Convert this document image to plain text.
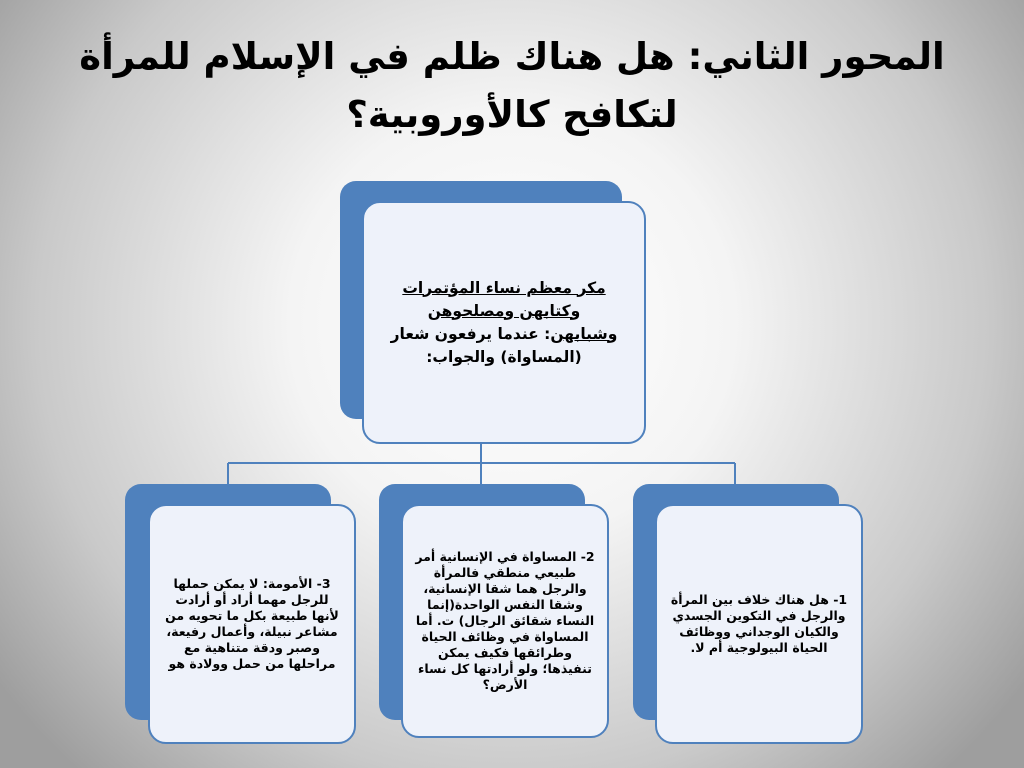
المحور الثاني: هل هناك ظلم في الإسلام للمرأة
لتكافح كالأوروبية؟
مكر معظم نساء المؤتمرات
وكتابهن ومصلحوهن
وشبابهن: عندما يرفعون شعار
(المساواة) والجواب:
3- الأمومة: لا يمكن حملها للرجل مهما أراد أو أرادت لأنها طبيعة بكل ما تحويه من مشاعر نبيلة، وأعمال رفيعة، وصبر ودقة متناهية مع مراحلها من حمل وولادة هو
2- المساواة في الإنسانية أمر طبيعي منطقي فالمرأة والرجل هما شقا الإنسانية، وشقا النفس الواحدة(إنما النساء شقائق الرجال) ت. أما المساواة في وظائف الحياة وطرائقها فكيف يمكن تنفيذها؛ ولو أرادتها كل نساء الأرض؟
1- هل هناك خلاف بين المرأة والرجل في التكوين الجسدي والكيان الوجداني ووظائف الحياة البيولوجية أم لا.
